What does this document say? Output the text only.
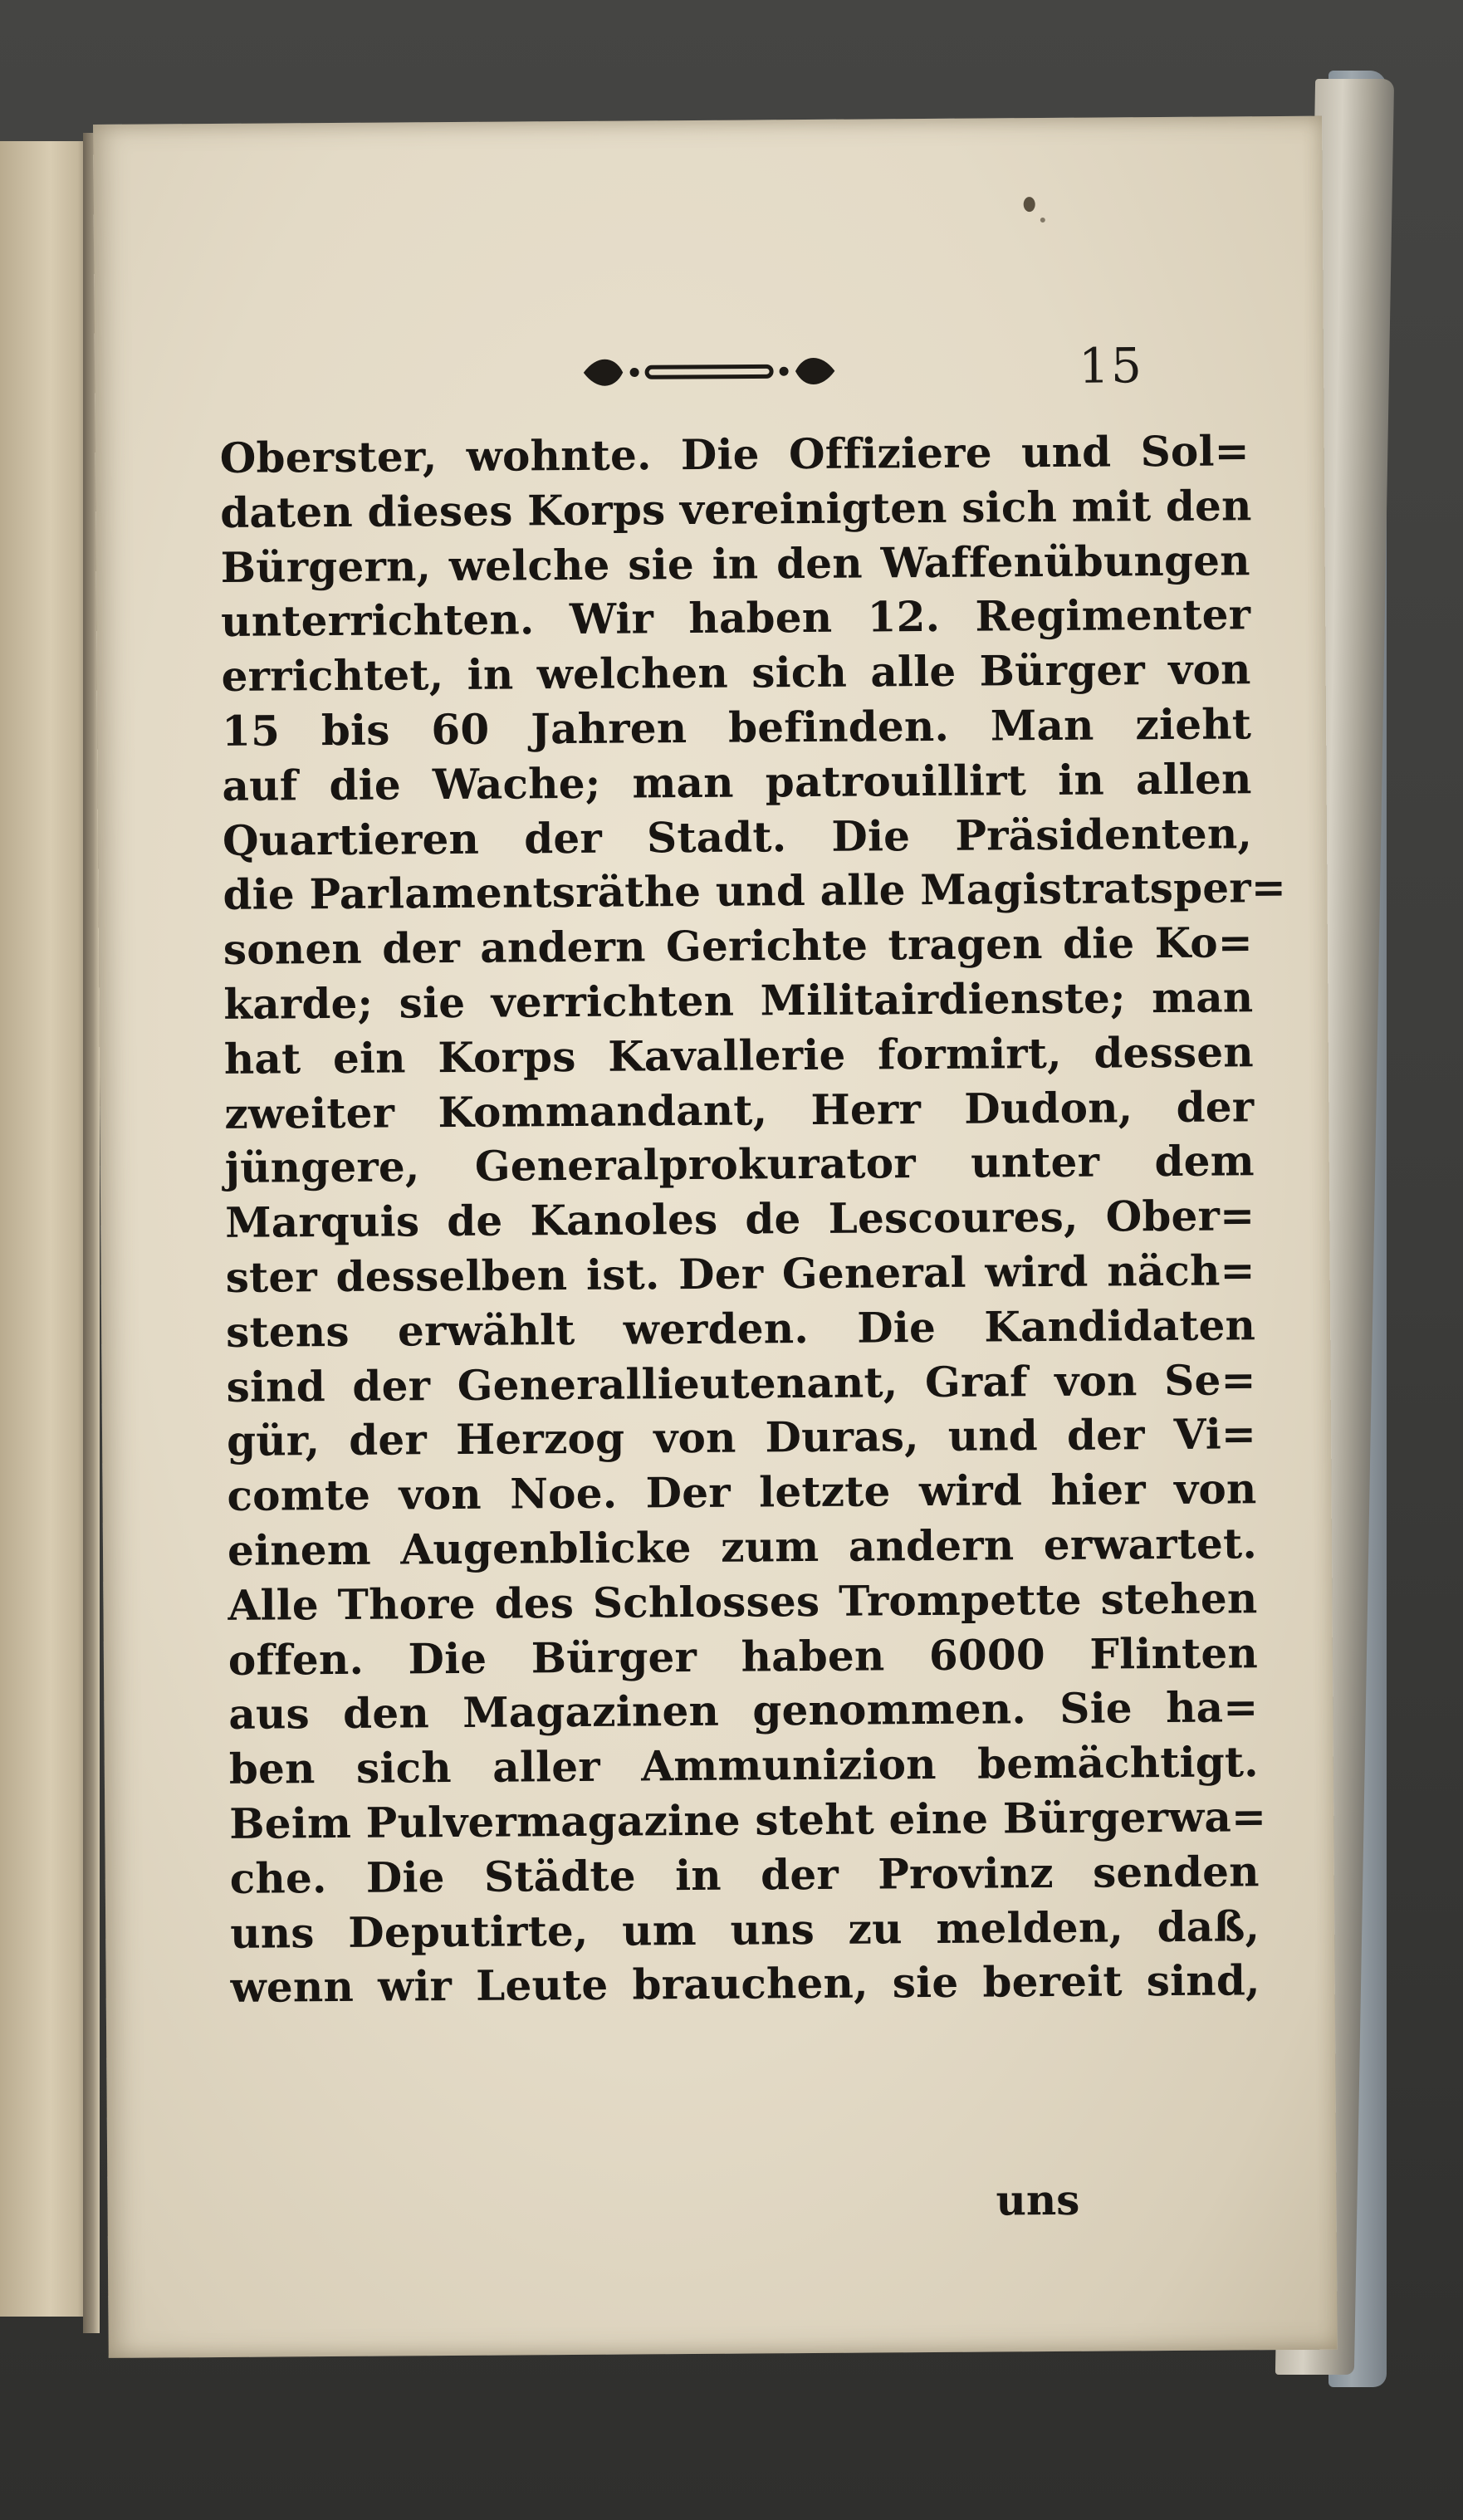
15
Oberster, wohnte. Die Offiziere und Sol=
daten dieses Korps vereinigten sich mit den
Bürgern, welche sie in den Waffenübungen
unterrichten. Wir haben 12. Regimenter
errichtet, in welchen sich alle Bürger von
15 bis 60 Jahren befinden. Man zieht
auf die Wache; man patrouillirt in allen
Quartieren der Stadt. Die Präsidenten,
die Parlamentsräthe und alle Magistratsper=
sonen der andern Gerichte tragen die Ko=
karde; sie verrichten Militairdienste; man
hat ein Korps Kavallerie formirt, dessen
zweiter Kommandant, Herr Dudon, der
jüngere, Generalprokurator unter dem
Marquis de Kanoles de Lescoures, Ober=
ster desselben ist. Der General wird näch=
stens erwählt werden. Die Kandidaten
sind der Generallieutenant, Graf von Se=
gür, der Herzog von Duras, und der Vi=
comte von Noe. Der letzte wird hier von
einem Augenblicke zum andern erwartet.
Alle Thore des Schlosses Trompette stehen
offen. Die Bürger haben 6000 Flinten
aus den Magazinen genommen. Sie ha=
ben sich aller Ammunizion bemächtigt.
Beim Pulvermagazine steht eine Bürgerwa=
che. Die Städte in der Provinz senden
uns Deputirte, um uns zu melden, daß,
wenn wir Leute brauchen, sie bereit sind,
uns
